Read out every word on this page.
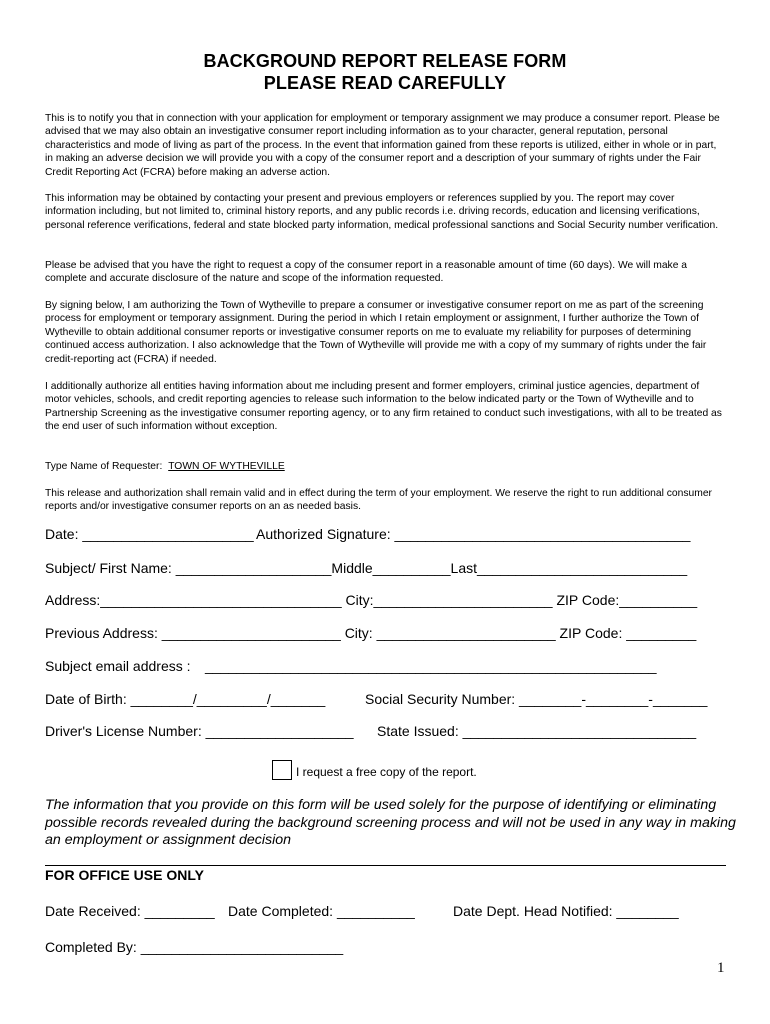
BACKGROUND REPORT RELEASE FORM
PLEASE READ CAREFULLY
This is to notify you that in connection with your application for employment or temporary assignment we may produce a consumer report. Please be advised that we may also obtain an investigative consumer report including information as to your character, general reputation, personal characteristics and mode of living as part of the process. In the event that information gained from these reports is utilized, either in whole or in part, in making an adverse decision we will provide you with a copy of the consumer report and a description of your summary of rights under the Fair Credit Reporting Act (FCRA) before making an adverse action.
This information may be obtained by contacting your present and previous employers or references supplied by you. The report may cover information including, but not limited to, criminal history reports, and any public records i.e. driving records, education and licensing verifications, personal reference verifications, federal and state blocked party information, medical professional sanctions and Social Security number verification.
Please be advised that you have the right to request a copy of the consumer report in a reasonable amount of time (60 days). We will make a complete and accurate disclosure of the nature and scope of the information requested.
By signing below, I am authorizing the Town of Wytheville to prepare a consumer or investigative consumer report on me as part of the screening process for employment or temporary assignment. During the period in which I retain employment or assignment, I further authorize the Town of Wytheville to obtain additional consumer reports or investigative consumer reports on me to evaluate my reliability for purposes of determining continued access authorization. I also acknowledge that the Town of Wytheville will provide me with a copy of my summary of rights under the fair credit-reporting act (FCRA) if needed.
I additionally authorize all entities having information about me including present and former employers, criminal justice agencies, department of motor vehicles, schools, and credit reporting agencies to release such information to the below indicated party or the Town of Wytheville and to Partnership Screening as the investigative consumer reporting agency, or to any firm retained to conduct such investigations, with all to be treated as the end user of such information without exception.
Type Name of Requester: TOWN OF WYTHEVILLE
This release and authorization shall remain valid and in effect during the term of your employment. We reserve the right to run additional consumer reports and/or investigative consumer reports on an as needed basis.
Date: ______________________ Authorized Signature: ______________________________________
Subject/ First Name: ____________________Middle__________Last___________________________
Address:_______________________________ City:_______________________ ZIP Code:__________
Previous Address: _______________________ City: _______________________ ZIP Code: _________
Subject email address : __________________________________________________________
Date of Birth: ________/_________/_______	Social Security Number: ________-________-_______
Driver's License Number: ___________________ State Issued: ______________________________
I request a free copy of the report.
The information that you provide on this form will be used solely for the purpose of identifying or eliminating possible records revealed during the background screening process and will not be used in any way in making an employment or assignment decision
FOR OFFICE USE ONLY
Date Received: _________ Date Completed: __________	Date Dept. Head Notified: ________
Completed By: __________________________
1
